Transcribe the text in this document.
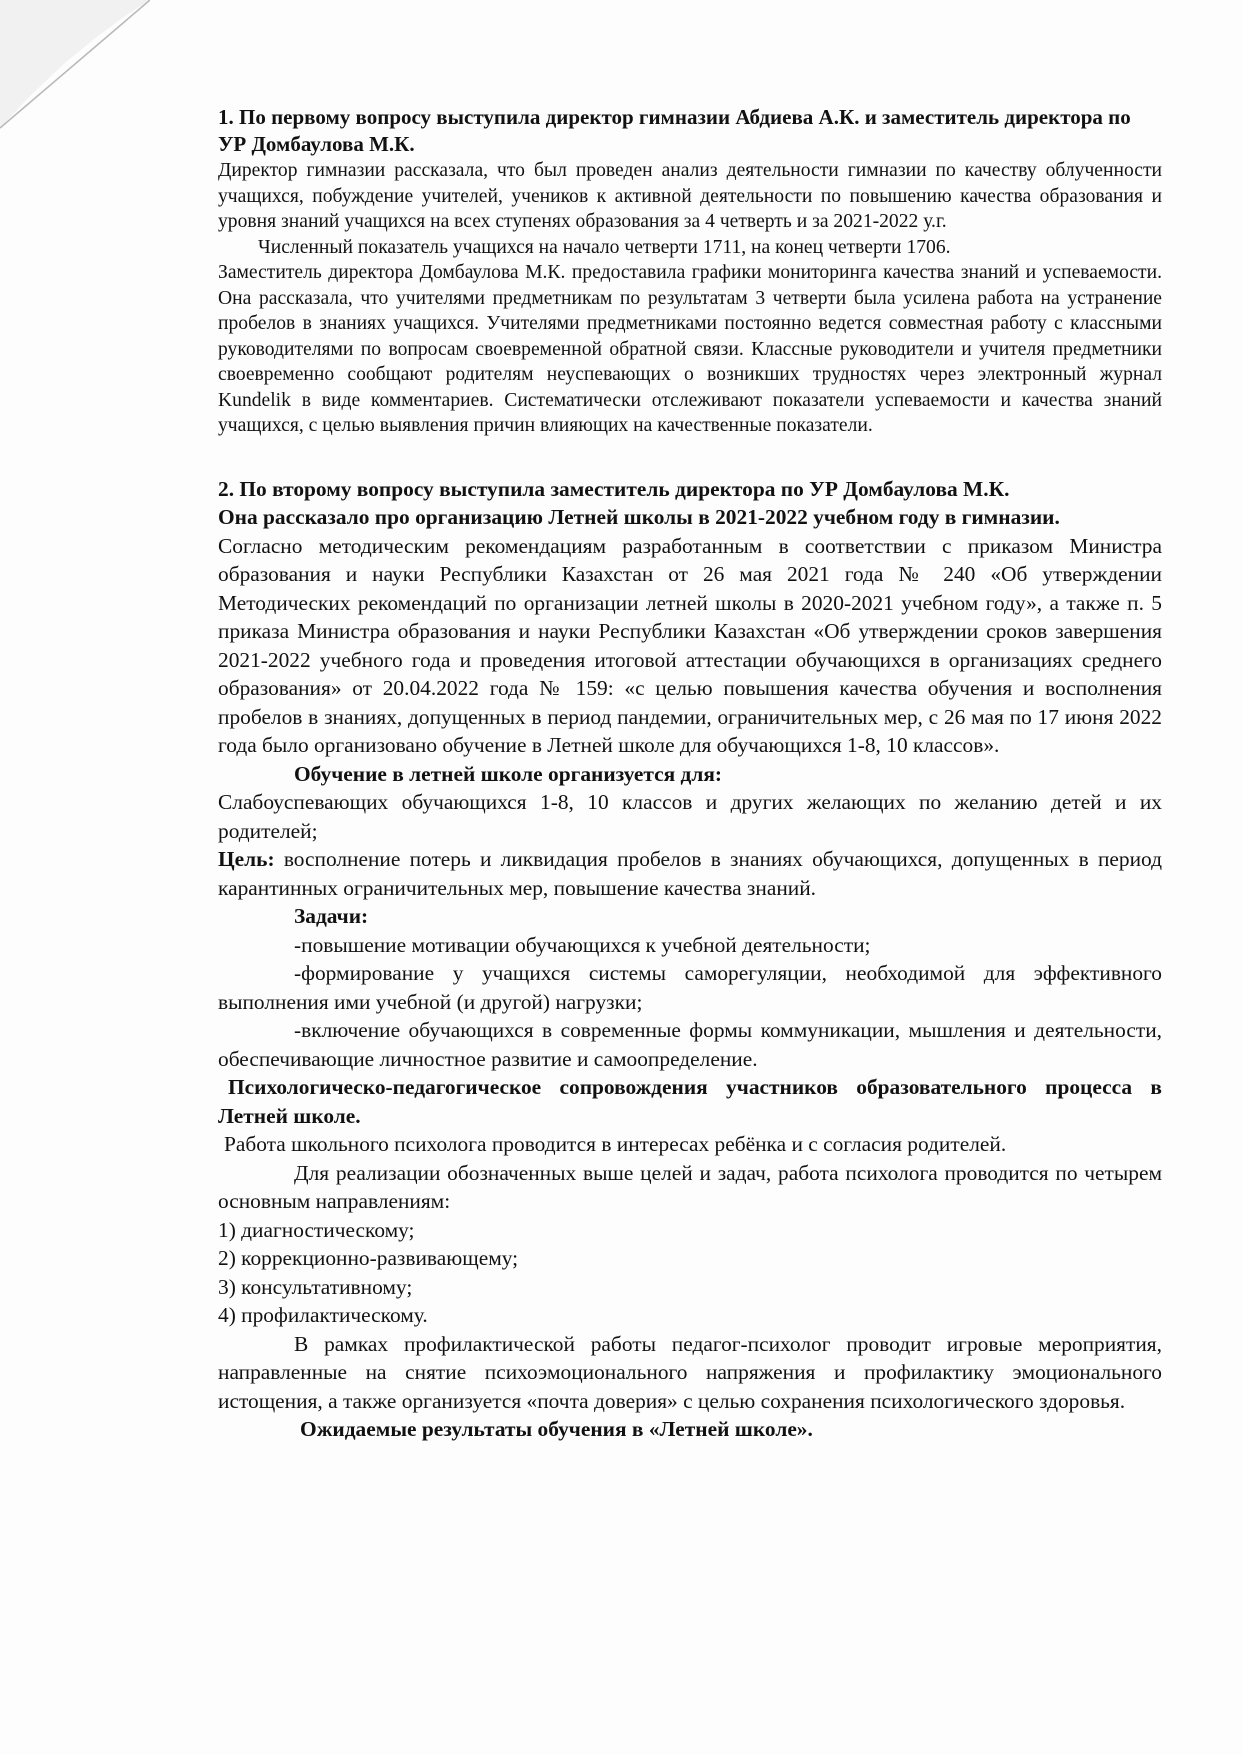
1. По первому вопросу выступила директор гимназии Абдиева А.К. и заместитель директора по УР Домбаулова М.К.

Директор гимназии рассказала, что был проведен анализ деятельности гимназии по качеству облученности учащихся, побуждение учителей, учеников к активной деятельности по повышению качества образования и уровня знаний учащихся на всех ступенях образования за 4 четверть и за 2021-2022 у.г.

Численный показатель учащихся на начало четверти 1711, на конец четверти 1706.

Заместитель директора Домбаулова М.К. предоставила графики мониторинга качества знаний и успеваемости. Она рассказала, что учителями предметникам по результатам 3 четверти была усилена работа на устранение пробелов в знаниях учащихся. Учителями предметниками постоянно ведется совместная работу с классными руководителями по вопросам своевременной обратной связи. Классные руководители и учителя предметники своевременно сообщают родителям неуспевающих о возникших трудностях через электронный журнал Kundelik в виде комментариев. Систематически отслеживают показатели успеваемости и качества знаний учащихся, с целью выявления причин влияющих на качественные показатели.

2. По второму вопросу выступила заместитель директора по УР Домбаулова М.К.

Она рассказало про организацию Летней школы в 2021-2022 учебном году в гимназии.

Согласно методическим рекомендациям разработанным в соответствии с приказом Министра образования и науки Республики Казахстан от 26 мая 2021 года № 240 «Об утверждении Методических рекомендаций по организации летней школы в 2020-2021 учебном году», а также п. 5 приказа Министра образования и науки Республики Казахстан «Об утверждении сроков завершения 2021-2022 учебного года и проведения итоговой аттестации обучающихся в организациях среднего образования» от 20.04.2022 года № 159: «с целью повышения качества обучения и восполнения пробелов в знаниях, допущенных в период пандемии, ограничительных мер, с 26 мая по 17 июня 2022 года было организовано обучение в Летней школе для обучающихся 1-8, 10 классов».

Обучение в летней школе организуется для:

Слабоуспевающих обучающихся 1-8, 10 классов и других желающих по желанию детей и их родителей;

Цель: восполнение потерь и ликвидация пробелов в знаниях обучающихся, допущенных в период карантинных ограничительных мер, повышение качества знаний.

Задачи:

-повышение мотивации обучающихся к учебной деятельности;

-формирование у учащихся системы саморегуляции, необходимой для эффективного выполнения ими учебной (и другой) нагрузки;

-включение обучающихся в современные формы коммуникации, мышления и деятельности, обеспечивающие личностное развитие и самоопределение.

Психологическо-педагогическое сопровождения участников образовательного процесса в Летней школе.

Работа школьного психолога проводится в интересах ребёнка и с согласия родителей.

Для реализации обозначенных выше целей и задач, работа психолога проводится по четырем основным направлениям:

1) диагностическому;
2) коррекционно-развивающему;
3) консультативному;
4) профилактическому.

В рамках профилактической работы педагог-психолог проводит игровые мероприятия, направленные на снятие психоэмоционального напряжения и профилактику эмоционального истощения, а также организуется «почта доверия» с целью сохранения психологического здоровья.

Ожидаемые результаты обучения в «Летней школе».
